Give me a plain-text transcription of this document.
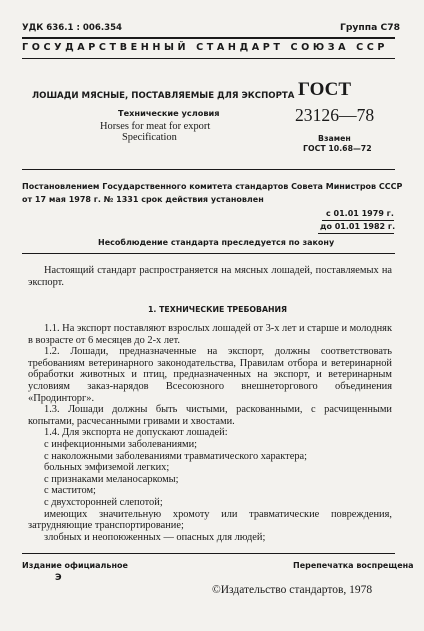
УДК 636.1 : 006.354	Группа С78
ГОСУДАРСТВЕННЫЙ СТАНДАРТ СОЮЗА ССР
ЛОШАДИ МЯСНЫЕ, ПОСТАВЛЯЕМЫЕ ДЛЯ ЭКСПОРТА
Технические условия
Horses for meat for export
Specification
ГОСТ
23126—78
Взамен
ГОСТ 10.68—72
Постановлением Государственного комитета стандартов Совета Министров СССР
от 17 мая 1978 г. № 1331 срок действия установлен
с 01.01 1979 г.
до 01.01 1982 г.
Несоблюдение стандарта преследуется по закону

Настоящий стандарт распространяется на мясных лошадей, поставляемых на экспорт.

1. ТЕХНИЧЕСКИЕ ТРЕБОВАНИЯ

1.1. На экспорт поставляют взрослых лошадей от 3-х лет и старше и молодняк в возрасте от 6 месяцев до 2-х лет.

1.2. Лошади, предназначенные на экспорт, должны соответствовать требованиям ветеринарного законодательства, Правилам отбора и ветеринарной обработки животных и птиц, предназначенных на экспорт, и ветеринарным условиям заказ-нарядов Всесоюзного внешнеторгового объединения «Продинторг».

1.3. Лошади должны быть чистыми, раскованными, с расчищенными копытами, расчесанными гривами и хвостами.

1.4. Для экспорта не допускают лошадей:

с инфекционными заболеваниями;

с наколожными заболеваниями травматического характера;

больных эмфиземой легких;

с признаками меланосаркомы;

с маститом;

с двухсторонней слепотой;

имеющих значительную хромоту или травматические повреждения, затрудняющие транспортирование;

злобных и неопоюженных — опасных для людей;

Издание официальное	Перепечатка воспрещена
Э
©Издательство стандартов, 1978
